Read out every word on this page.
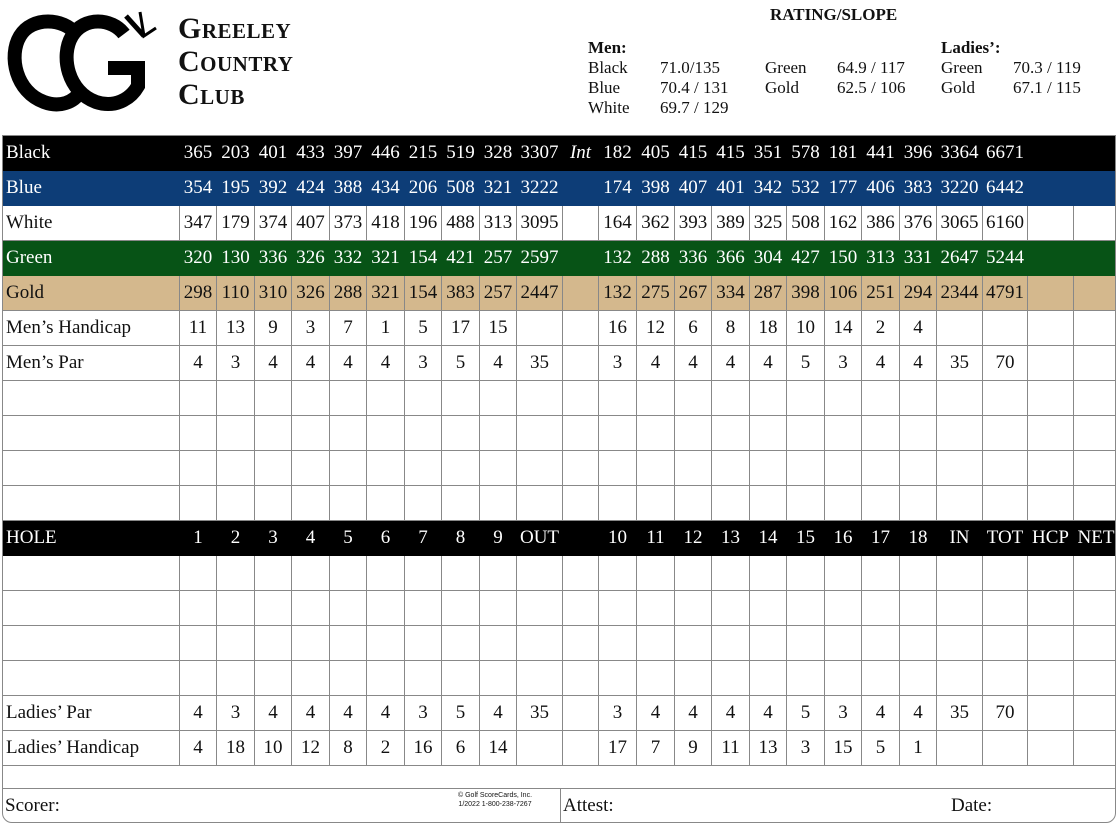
Greeley
Country
Club
RATING/SLOPE
Men:	Ladies’:
Black 71.0/135
Blue 70.4 / 131
White 69.7 / 129
Green 64.9 / 117
Gold 62.5 / 106
Green 70.3 / 119
Gold 67.1 / 115
Black	365	203	401	433	397	446	215	519	328	3307	Int	182	405	415	415	351	578	181	441	396	3364	6671		
Blue	354	195	392	424	388	434	206	508	321	3222		174	398	407	401	342	532	177	406	383	3220	6442		
White	347	179	374	407	373	418	196	488	313	3095		164	362	393	389	325	508	162	386	376	3065	6160		
Green	320	130	336	326	332	321	154	421	257	2597		132	288	336	366	304	427	150	313	331	2647	5244		
Gold	298	110	310	326	288	321	154	383	257	2447		132	275	267	334	287	398	106	251	294	2344	4791		
Men’s Handicap	11	13	9	3	7	1	5	17	15			16	12	6	8	18	10	14	2	4				
Men’s Par	4	3	4	4	4	4	3	5	4	35		3	4	4	4	4	5	3	4	4	35	70		

HOLE	1	2	3	4	5	6	7	8	9	OUT		10	11	12	13	14	15	16	17	18	IN	TOT	HCP	NET

Ladies’ Par	4	3	4	4	4	4	3	5	4	35		3	4	4	4	4	5	3	4	4	35	70		
Ladies’ Handicap	4	18	10	12	8	2	16	6	14			17	7	9	11	13	3	15	5	1				
Scorer:	© Golf ScoreCards, Inc.
1/2022 1-800-238-7267 Attest:	Date:
